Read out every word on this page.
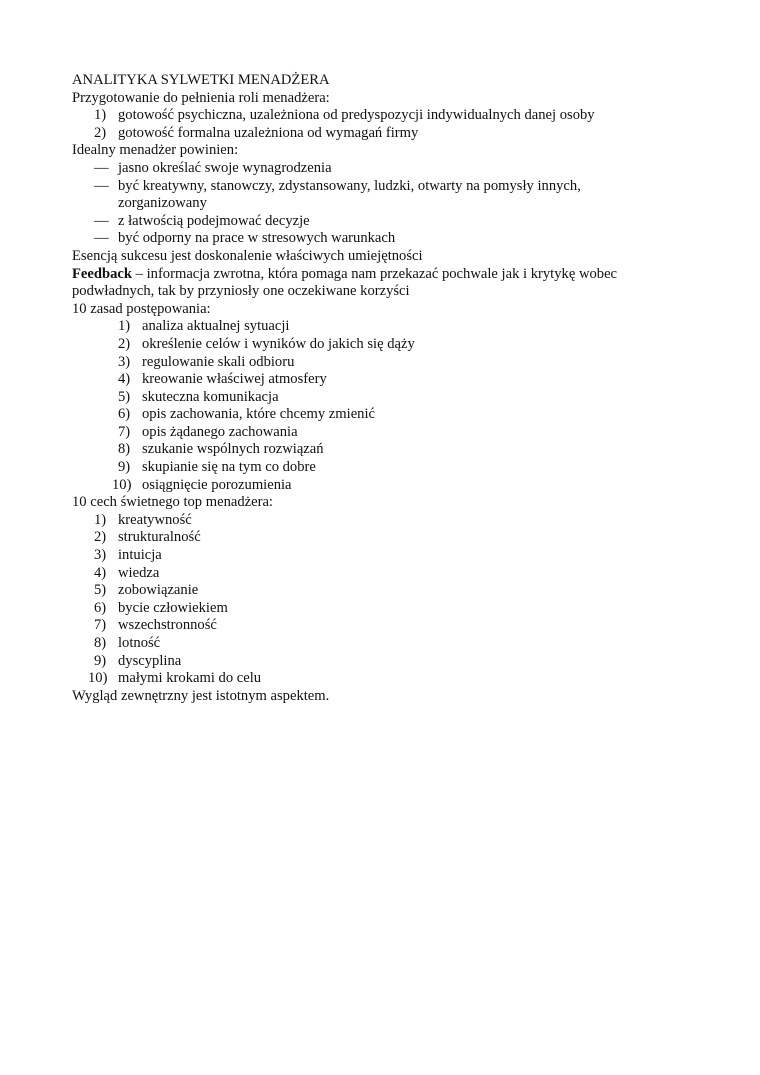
ANALITYKA SYLWETKI MENADŻERA
Przygotowanie do pełnienia roli menadżera:
1) gotowość psychiczna, uzależniona od predyspozycji indywidualnych danej osoby
2) gotowość formalna uzależniona od wymagań firmy
Idealny menadżer powinien:
— jasno określać swoje wynagrodzenia
— być kreatywny, stanowczy, zdystansowany, ludzki, otwarty na pomysły innych, zorganizowany
— z łatwością podejmować decyzje
— być odporny na prace w stresowych warunkach
Esencją sukcesu jest doskonalenie właściwych umiejętności
Feedback – informacja zwrotna, która pomaga nam przekazać pochwale jak i krytykę wobec podwładnych, tak by przyniosły one oczekiwane korzyści
10 zasad postępowania:
1) analiza aktualnej sytuacji
2) określenie celów i wyników do jakich się dąży
3) regulowanie skali odbioru
4) kreowanie właściwej atmosfery
5) skuteczna komunikacja
6) opis zachowania, które chcemy zmienić
7) opis żądanego zachowania
8) szukanie wspólnych rozwiązań
9) skupianie się na tym co dobre
10) osiągnięcie porozumienia
10 cech świetnego top menadżera:
1) kreatywność
2) strukturalność
3) intuicja
4) wiedza
5) zobowiązanie
6) bycie człowiekiem
7) wszechstronność
8) lotność
9) dyscyplina
10) małymi krokami do celu
Wygląd zewnętrzny jest istotnym aspektem.
